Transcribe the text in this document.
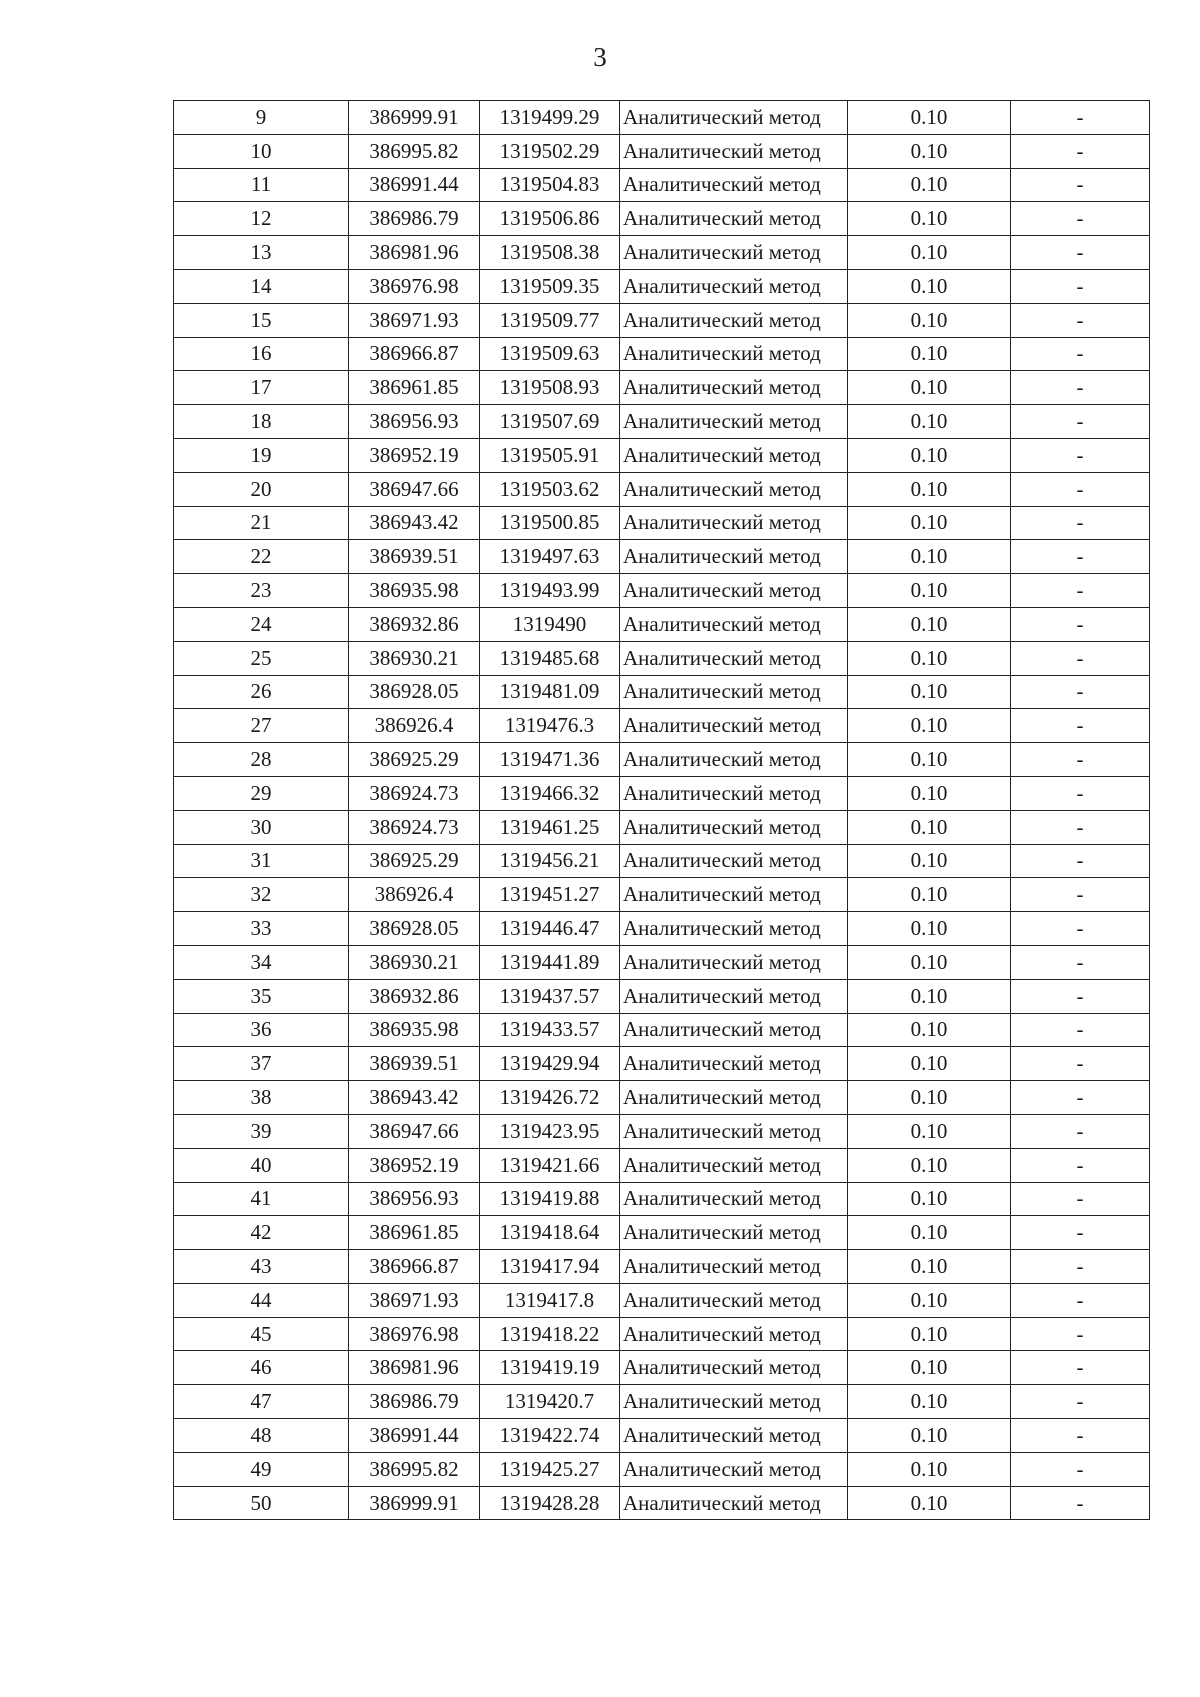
3
9	386999.91	1319499.29	Аналитический метод	0.10	-
10	386995.82	1319502.29	Аналитический метод	0.10	-
11	386991.44	1319504.83	Аналитический метод	0.10	-
12	386986.79	1319506.86	Аналитический метод	0.10	-
13	386981.96	1319508.38	Аналитический метод	0.10	-
14	386976.98	1319509.35	Аналитический метод	0.10	-
15	386971.93	1319509.77	Аналитический метод	0.10	-
16	386966.87	1319509.63	Аналитический метод	0.10	-
17	386961.85	1319508.93	Аналитический метод	0.10	-
18	386956.93	1319507.69	Аналитический метод	0.10	-
19	386952.19	1319505.91	Аналитический метод	0.10	-
20	386947.66	1319503.62	Аналитический метод	0.10	-
21	386943.42	1319500.85	Аналитический метод	0.10	-
22	386939.51	1319497.63	Аналитический метод	0.10	-
23	386935.98	1319493.99	Аналитический метод	0.10	-
24	386932.86	1319490	Аналитический метод	0.10	-
25	386930.21	1319485.68	Аналитический метод	0.10	-
26	386928.05	1319481.09	Аналитический метод	0.10	-
27	386926.4	1319476.3	Аналитический метод	0.10	-
28	386925.29	1319471.36	Аналитический метод	0.10	-
29	386924.73	1319466.32	Аналитический метод	0.10	-
30	386924.73	1319461.25	Аналитический метод	0.10	-
31	386925.29	1319456.21	Аналитический метод	0.10	-
32	386926.4	1319451.27	Аналитический метод	0.10	-
33	386928.05	1319446.47	Аналитический метод	0.10	-
34	386930.21	1319441.89	Аналитический метод	0.10	-
35	386932.86	1319437.57	Аналитический метод	0.10	-
36	386935.98	1319433.57	Аналитический метод	0.10	-
37	386939.51	1319429.94	Аналитический метод	0.10	-
38	386943.42	1319426.72	Аналитический метод	0.10	-
39	386947.66	1319423.95	Аналитический метод	0.10	-
40	386952.19	1319421.66	Аналитический метод	0.10	-
41	386956.93	1319419.88	Аналитический метод	0.10	-
42	386961.85	1319418.64	Аналитический метод	0.10	-
43	386966.87	1319417.94	Аналитический метод	0.10	-
44	386971.93	1319417.8	Аналитический метод	0.10	-
45	386976.98	1319418.22	Аналитический метод	0.10	-
46	386981.96	1319419.19	Аналитический метод	0.10	-
47	386986.79	1319420.7	Аналитический метод	0.10	-
48	386991.44	1319422.74	Аналитический метод	0.10	-
49	386995.82	1319425.27	Аналитический метод	0.10	-
50	386999.91	1319428.28	Аналитический метод	0.10	-
